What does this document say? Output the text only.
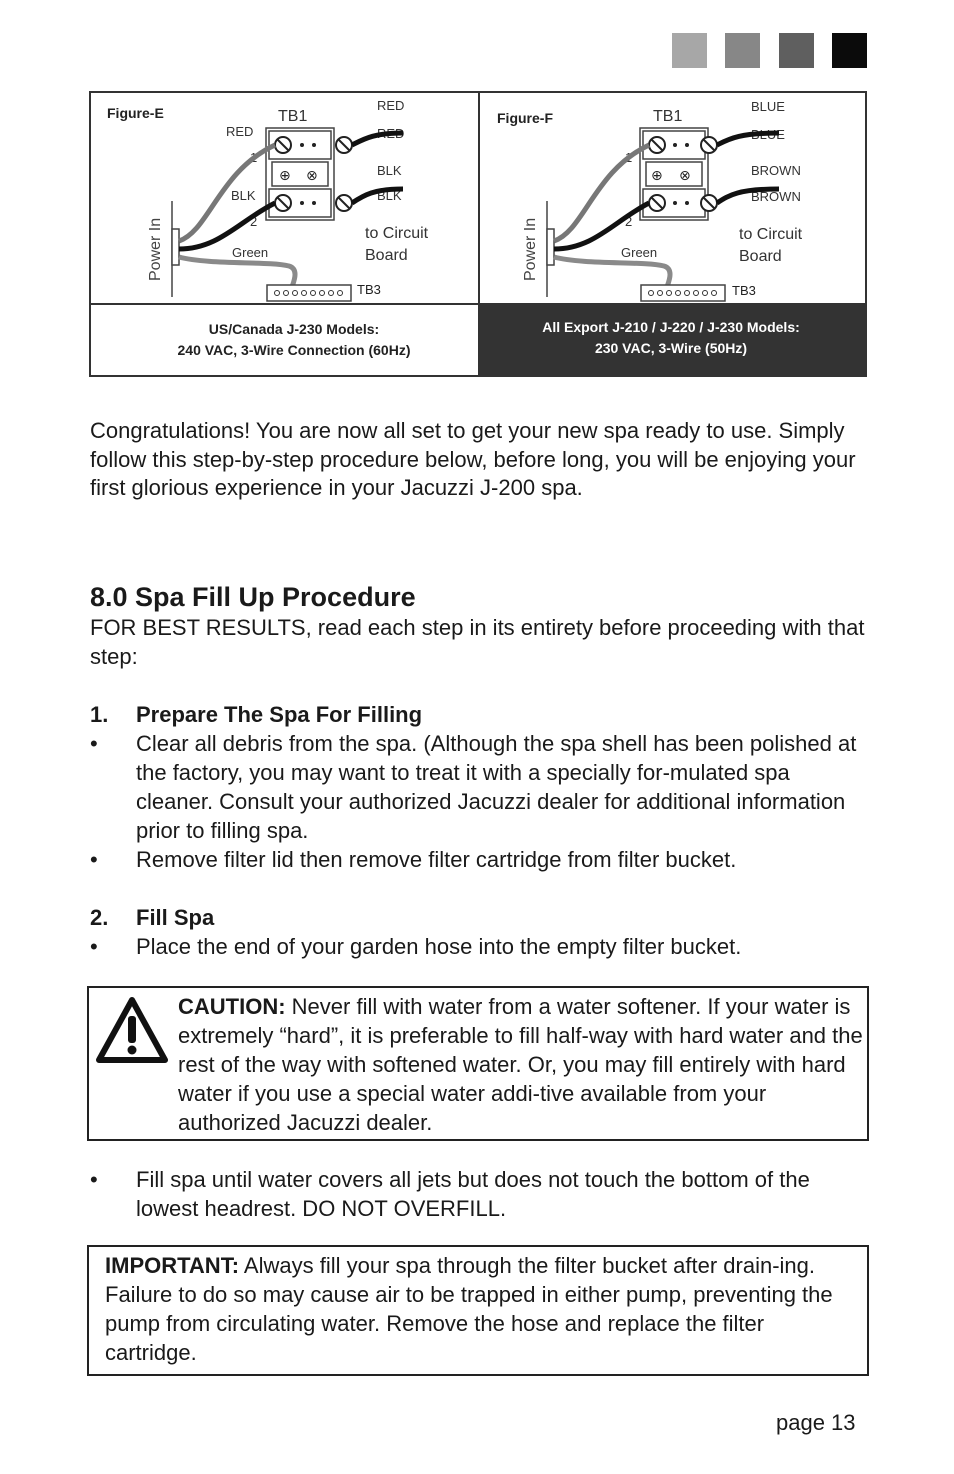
Figure-E	TB1
⊕ ⊗
RED
RED
RED
BLK
BLK
BLK
1
2
Green
to Circuit
Board
Power In
TB3
US/Canada J-230 Models:
240 VAC, 3-Wire Connection (60Hz)
Figure-F	TB1
⊕ ⊗
BLUE
BLUE
BROWN
BROWN
1
2
Green
to Circuit
Board
Power In
TB3
All Export J-210 / J-220 / J-230 Models:
230 VAC, 3-Wire (50Hz)

Congratulations! You are now all set to get your new spa ready to use. Simply follow this step-by-step procedure below, before long, you will be enjoying your first glorious experience in your Jacuzzi J-200 spa.

8.0 Spa Fill Up Procedure

FOR BEST RESULTS, read each step in its entirety before proceeding with that step:

1. Prepare The Spa For Filling
• Clear all debris from the spa. (Although the spa shell has been polished at the factory, you may want to treat it with a specially for-mulated spa cleaner. Consult your authorized Jacuzzi dealer for additional information prior to filling spa.
• Remove filter lid then remove filter cartridge from filter bucket.
2. Fill Spa
• Place the end of your garden hose into the empty filter bucket.
CAUTION: Never fill with water from a water softener. If your water is extremely “hard”, it is preferable to fill half-way with hard water and the rest of the way with softened water. Or, you may fill entirely with hard water if you use a special water addi-tive available from your authorized Jacuzzi dealer.
• Fill spa until water covers all jets but does not touch the bottom of the lowest headrest. DO NOT OVERFILL.
IMPORTANT: Always fill your spa through the filter bucket after drain-ing. Failure to do so may cause air to be trapped in either pump, preventing the pump from circulating water. Remove the hose and replace the filter cartridge.
page 13
